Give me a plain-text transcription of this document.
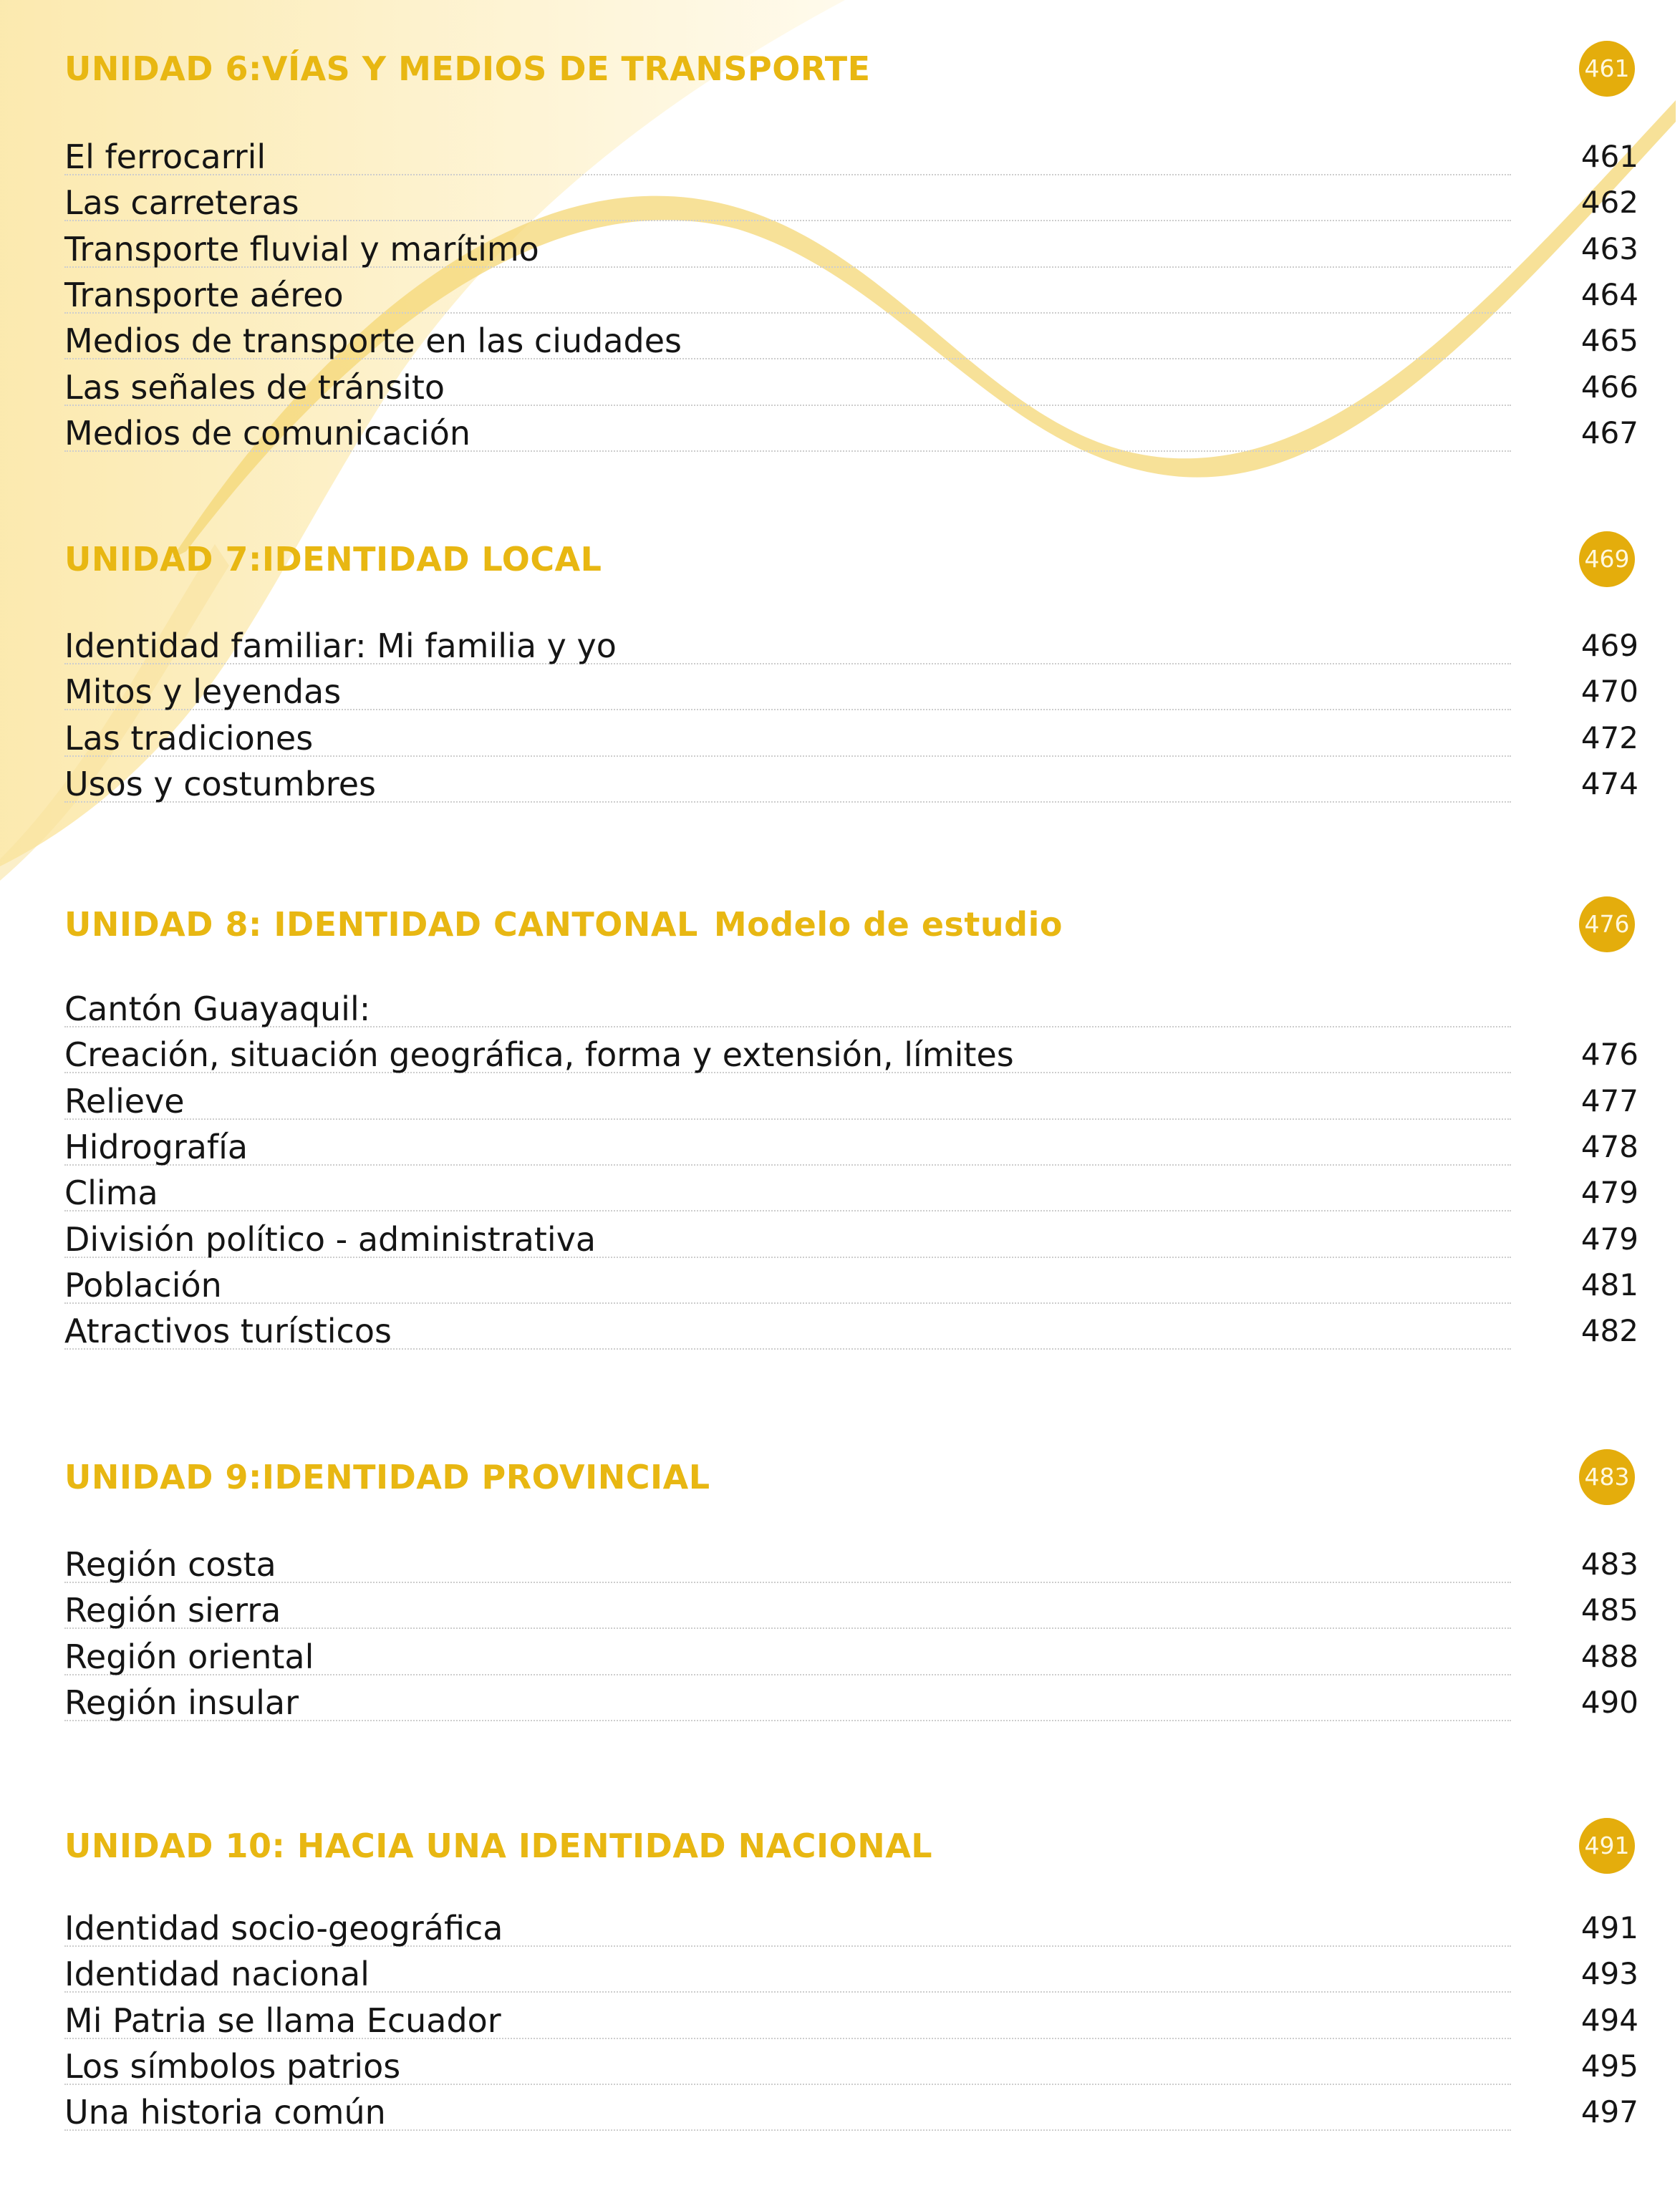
UNIDAD 6:VÍAS Y MEDIOS DE TRANSPORTE	461
El ferrocarril	461
Las carreteras	462
Transporte fluvial y marítimo	463
Transporte aéreo	464
Medios de transporte en las ciudades	465
Las señales de tránsito	466
Medios de comunicación	467
UNIDAD 7:IDENTIDAD LOCAL	469
Identidad familiar: Mi familia y yo	469
Mitos y leyendas	470
Las tradiciones	472
Usos y costumbres	474
UNIDAD 8: IDENTIDAD CANTONAL Modelo de estudio	476
Cantón Guayaquil:
Creación, situación geográfica, forma y extensión, límites	476
Relieve	477
Hidrografía	478
Clima	479
División político - administrativa	479
Población	481
Atractivos turísticos	482
UNIDAD 9:IDENTIDAD PROVINCIAL	483
Región costa	483
Región sierra	485
Región oriental	488
Región insular	490
UNIDAD 10: HACIA UNA IDENTIDAD NACIONAL	491
Identidad socio-geográfica	491
Identidad nacional	493
Mi Patria se llama Ecuador	494
Los símbolos patrios	495
Una historia común	497
